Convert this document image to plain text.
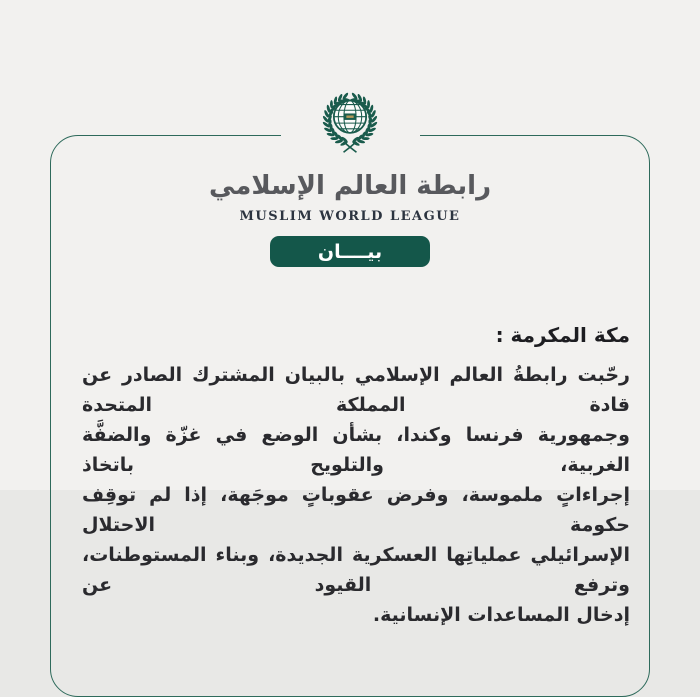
رابطة العالم الإسلامي
MUSLIM WORLD LEAGUE
بيــــان
مكة المكرمة :
رحّبت رابطةُ العالم الإسلامي بالبيان المشترك الصادر عن قادة المملكة المتحدة
وجمهورية فرنسا وكندا، بشأن الوضع في غزّة والضفَّة الغربية، والتلويح باتخاذ
إجراءاتٍ ملموسة، وفرض عقوباتٍ موجَهة، إذا لم توقِف حكومة الاحتلال
الإسرائيلي عملياتِها العسكرية الجديدة، وبناء المستوطنات، وترفع القيود عن
إدخال المساعدات الإنسانية.
